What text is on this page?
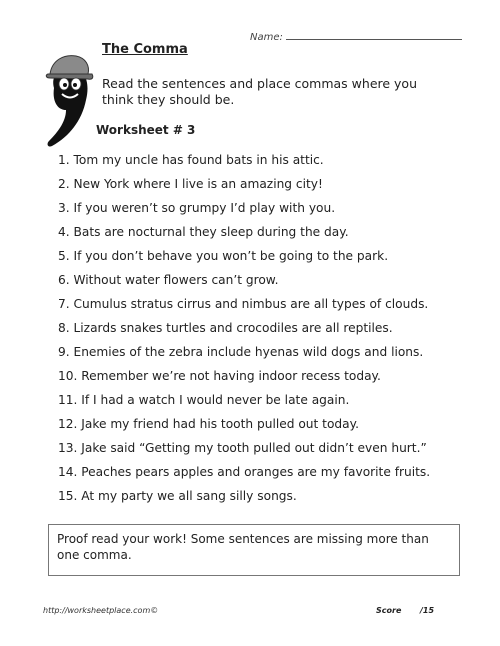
Name:
The Comma
Read the sentences and place commas where you think they should be.
Worksheet # 3
1. Tom my uncle has found bats in his attic.
2. New York where I live is an amazing city!
3. If you weren’t so grumpy I’d play with you.
4. Bats are nocturnal they sleep during the day.
5. If you don’t behave you won’t be going to the park.
6. Without water flowers can’t grow.
7. Cumulus stratus cirrus and nimbus are all types of clouds.
8. Lizards snakes turtles and crocodiles are all reptiles.
9. Enemies of the zebra include hyenas wild dogs and lions.
10. Remember we’re not having indoor recess today.
11. If I had a watch I would never be late again.
12. Jake my friend had his tooth pulled out today.
13. Jake said “Getting my tooth pulled out didn’t even hurt.”
14. Peaches pears apples and oranges are my favorite fruits.
15. At my party we all sang silly songs.
Proof read your work! Some sentences are missing more than one comma.
http://worksheetplace.com©	Score /15
